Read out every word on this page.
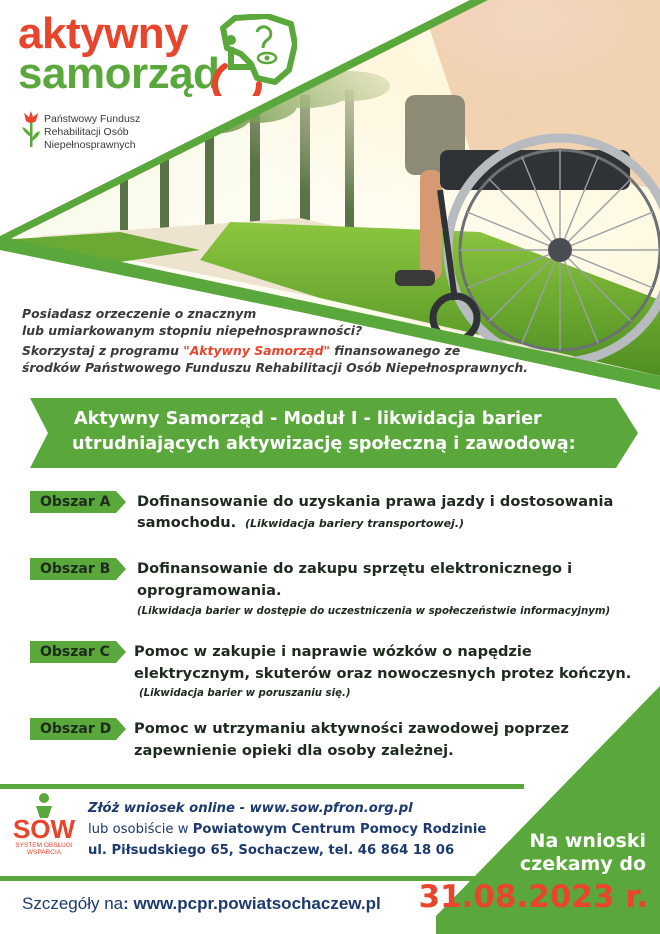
aktywny
samorząd
Państwowy Fundusz
Rehabilitacji Osób
Niepełnosprawnych
Posiadasz orzeczenie o znacznym
lub umiarkowanym stopniu niepełnosprawności?
Skorzystaj z programu "Aktywny Samorząd" finansowanego ze
środków Państwowego Funduszu Rehabilitacji Osób Niepełnosprawnych.
Aktywny Samorząd - Moduł I - likwidacja barier
utrudniających aktywizację społeczną i zawodową:
Obszar A	Dofinansowanie do uzyskania prawa jazdy i dostosowania
samochodu. (Likwidacja bariery transportowej.)
Obszar B	Dofinansowanie do zakupu sprzętu elektronicznego i
oprogramowania.
(Likwidacja barier w dostępie do uczestniczenia w społeczeństwie informacyjnym)
Obszar C	Pomoc w zakupie i naprawie wózków o napędzie
elektrycznym, skuterów oraz nowoczesnych protez kończyn.
(Likwidacja barier w poruszaniu się.)
Obszar D	Pomoc w utrzymaniu aktywności zawodowej poprzez
zapewnienie opieki dla osoby zależnej.
SOW
SYSTEM OBSŁUGI
WSPARCIA
Złóż wniosek online - www.sow.pfron.org.pl
lub osobiście w Powiatowym Centrum Pomocy Rodzinie
ul. Piłsudskiego 65, Sochaczew, tel. 46 864 18 06	Na wnioski
czekamy do
31.08.2023 r.
Szczegóły na: www.pcpr.powiatsochaczew.pl
